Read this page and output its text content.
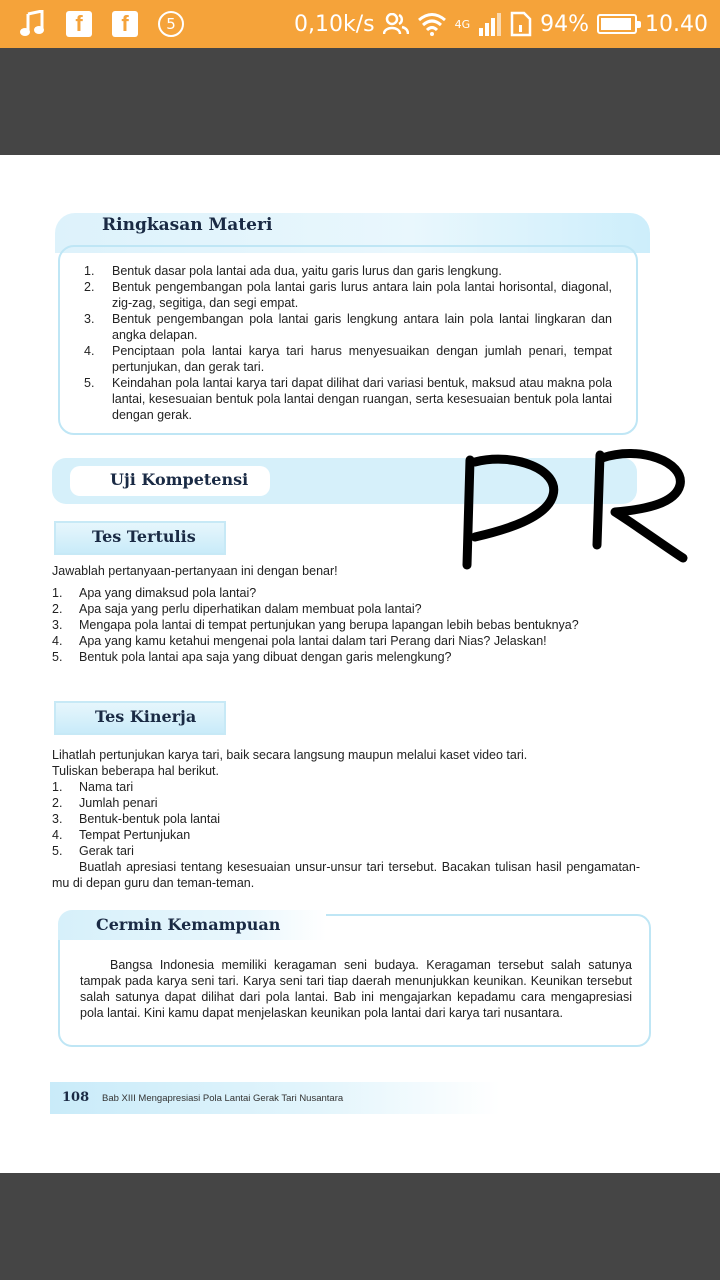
f	f	5	0,10k/s	4G	94%	10.40
Ringkasan Materi
1.	Bentuk dasar pola lantai ada dua, yaitu garis lurus dan garis lengkung.
2.	Bentuk pengembangan pola lantai garis lurus antara lain pola lantai horisontal, diagonal, zig-zag, segitiga, dan segi empat.
3.	Bentuk pengembangan pola lantai garis lengkung antara lain pola lantai lingkaran dan angka delapan.
4.	Penciptaan pola lantai karya tari harus menyesuaikan dengan jumlah penari, tempat pertunjukan, dan gerak tari.
5.	Keindahan pola lantai karya tari dapat dilihat dari variasi bentuk, maksud atau makna pola lantai, kesesuaian bentuk pola lantai dengan ruangan, serta kesesuaian bentuk pola lantai dengan gerak.
Uji Kompetensi
Tes Tertulis
Jawablah pertanyaan-pertanyaan ini dengan benar!
1.	Apa yang dimaksud pola lantai?
2.	Apa saja yang perlu diperhatikan dalam membuat pola lantai?
3.	Mengapa pola lantai di tempat pertunjukan yang berupa lapangan lebih bebas bentuknya?
4.	Apa yang kamu ketahui mengenai pola lantai dalam tari Perang dari Nias? Jelaskan!
5.	Bentuk pola lantai apa saja yang dibuat dengan garis melengkung?
Tes Kinerja
Lihatlah pertunjukan karya tari, baik secara langsung maupun melalui kaset video tari.
Tuliskan beberapa hal berikut.
1.	Nama tari
2.	Jumlah penari
3.	Bentuk-bentuk pola lantai
4.	Tempat Pertunjukan
5.	Gerak tari
Buatlah apresiasi tentang kesesuaian unsur-unsur tari tersebut. Bacakan tulisan hasil pengamatan-mu di depan guru dan teman-teman.
Cermin Kemampuan
Bangsa Indonesia memiliki keragaman seni budaya. Keragaman tersebut salah satunya tampak pada karya seni tari. Karya seni tari tiap daerah menunjukkan keunikan. Keunikan tersebut salah satunya dapat dilihat dari pola lantai. Bab ini mengajarkan kepadamu cara mengapresiasi pola lantai. Kini kamu dapat menjelaskan keunikan pola lantai dari karya tari nusantara.
108 Bab XIII Mengapresiasi Pola Lantai Gerak Tari Nusantara
